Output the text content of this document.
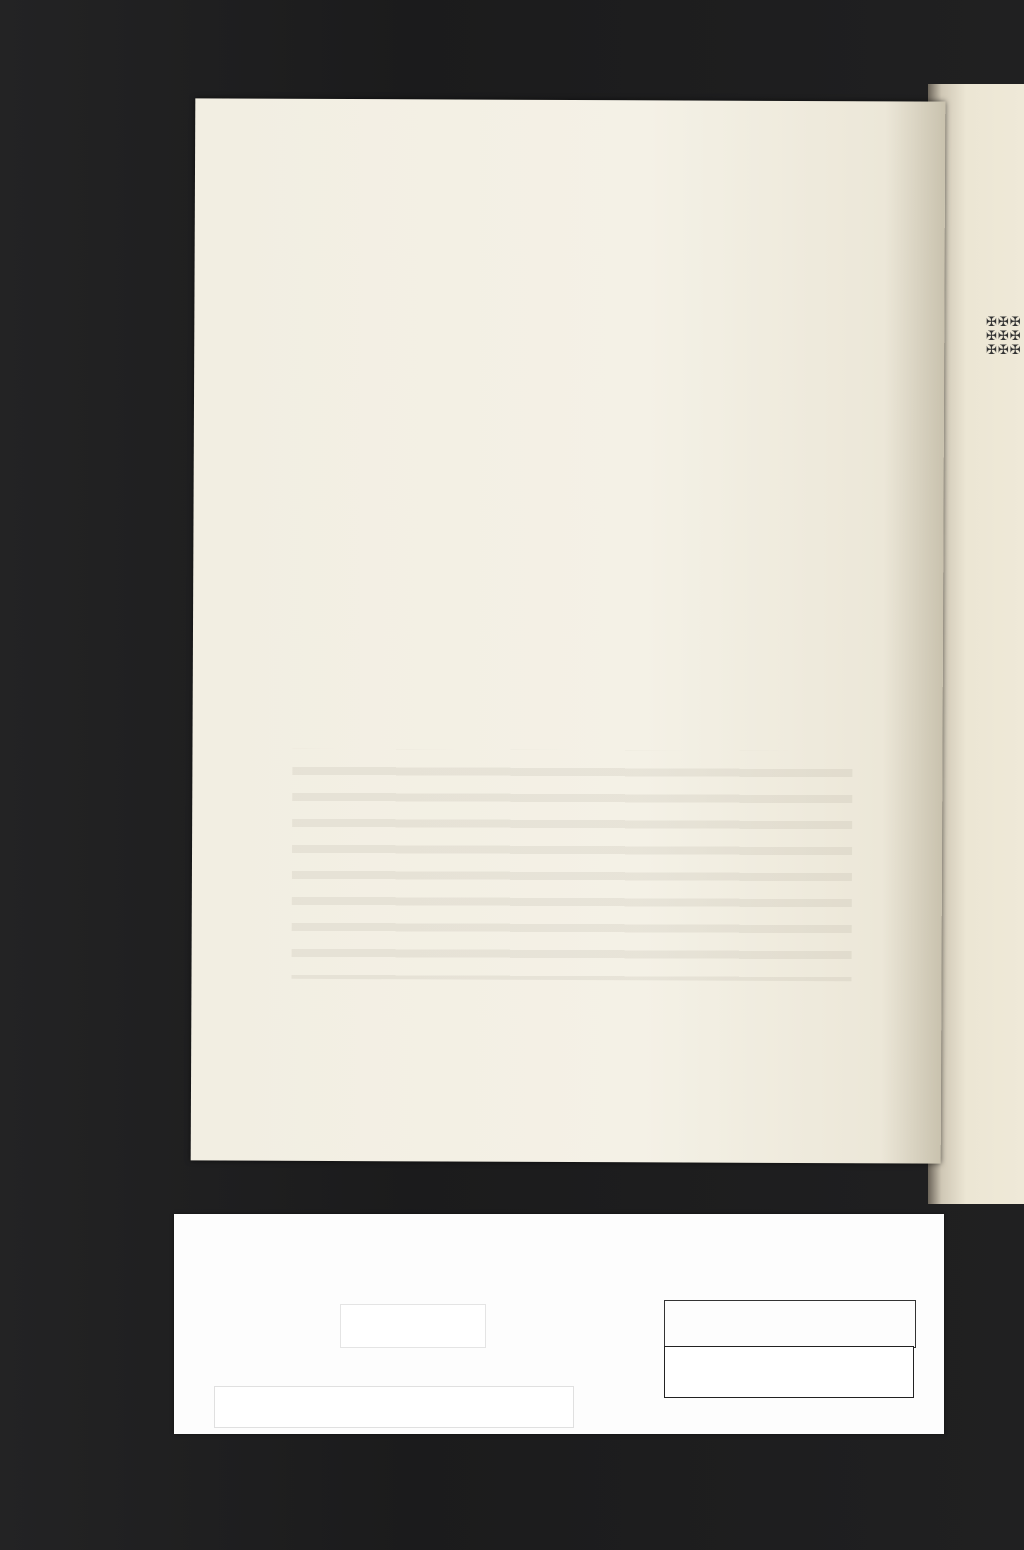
✠✠✠
✠✠✠
✠✠✠
